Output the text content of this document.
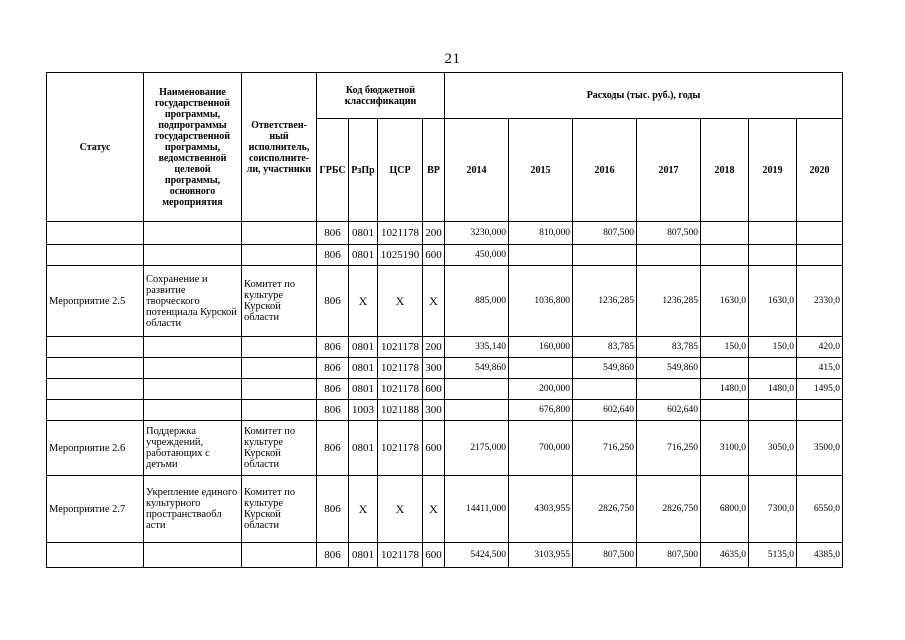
21
Статус	Наименование государственной программы, подпрограммы государственной программы, ведомственной целевой программы, основного мероприятия	Ответствен-ный исполнитель, соисполните-ли, участники	Код бюджетной классификации				Расходы (тыс. руб.), годы						
			ГРБС	РзПр	ЦСР	ВР	2014	2015	2016	2017	2018	2019	2020
			806	0801	1021178	200	3230,000	810,000	807,500	807,500			
			806	0801	1025190	600	450,000						
Мероприятие 2.5	Сохранение и развитие творческого потенциала Курской области	Комитет по культуре Курской области	806	X	X	X	885,000	1036,800	1236,285	1236,285	1630,0	1630,0	2330,0
			806	0801	1021178	200	335,140	160,000	83,785	83,785	150,0	150,0	420,0
			806	0801	1021178	300	549,860		549,860	549,860			415,0
			806	0801	1021178	600		200,000			1480,0	1480,0	1495,0
			806	1003	1021188	300		676,800	602,640	602,640			
Мероприятие 2.6	Поддержка учреждений, работающих с детьми	Комитет по культуре Курской области	806	0801	1021178	600	2175,000	700,000	716,250	716,250	3100,0	3050,0	3500,0
Мероприятие 2.7	Укрепление единого культурного пространстваобл асти	Комитет по культуре Курской области	806	X	X	X	14411,000	4303,955	2826,750	2826,750	6800,0	7300,0	6550,0
			806	0801	1021178	600	5424,500	3103,955	807,500	807,500	4635,0	5135,0	4385,0
